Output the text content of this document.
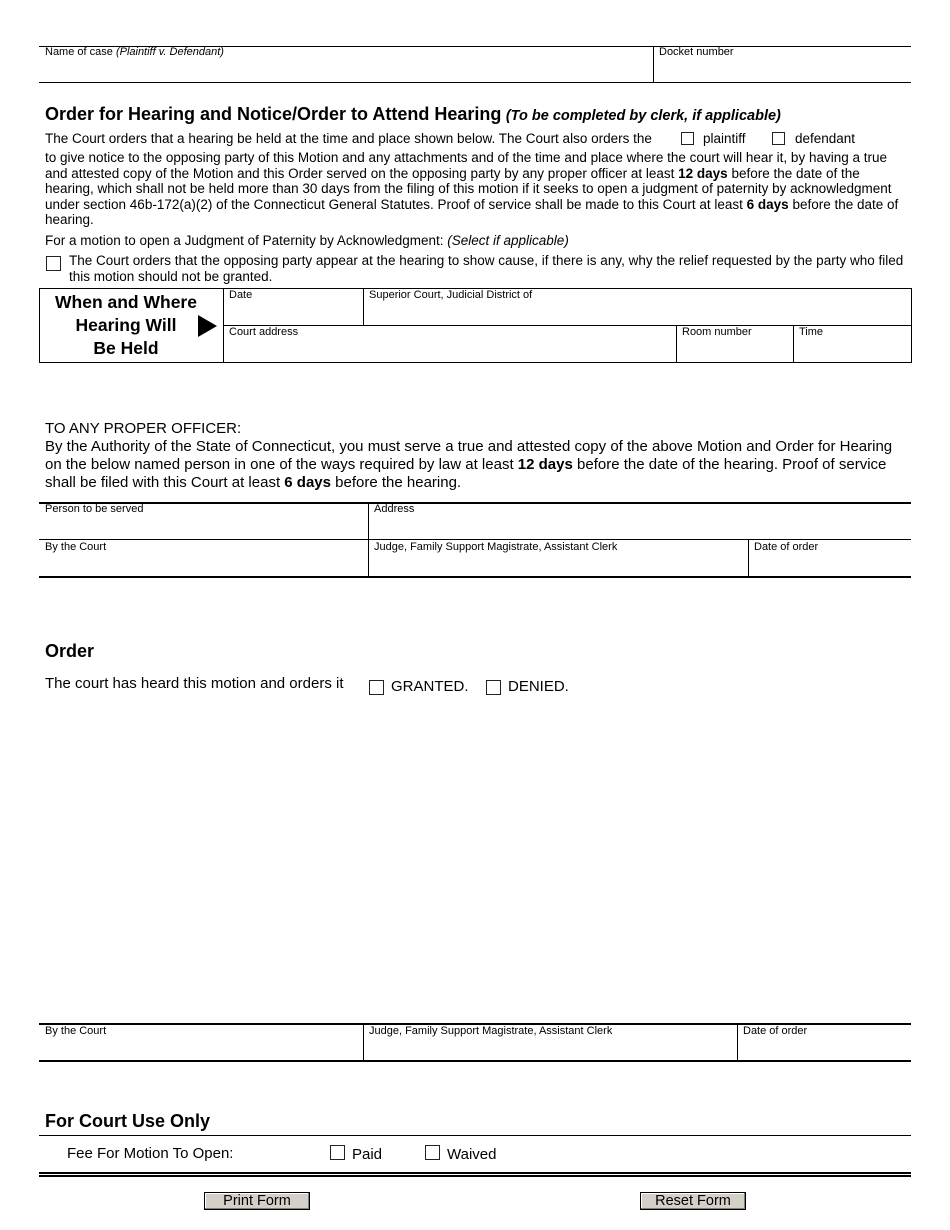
Name of case (Plaintiff v. Defendant)	Docket number
Order for Hearing and Notice/Order to Attend Hearing (To be completed by clerk, if applicable)
The Court orders that a hearing be held at the time and place shown below. The Court also orders the	plaintiff	defendant
to give notice to the opposing party of this Motion and any attachments and of the time and place where the court will hear it, by having a true and attested copy of the Motion and this Order served on the opposing party by any proper officer at least 12 days before the date of the hearing, which shall not be held more than 30 days from the filing of this motion if it seeks to open a judgment of paternity by acknowledgment under section 46b-172(a)(2) of the Connecticut General Statutes. Proof of service shall be made to this Court at least 6 days before the date of hearing.
For a motion to open a Judgment of Paternity by Acknowledgment: (Select if applicable)
The Court orders that the opposing party appear at the hearing to show cause, if there is any, why the relief requested by the party who filed this motion should not be granted.
When and Where
Hearing Will
Be Held
Date	Superior Court, Judicial District of
Court address	Room number	Time
TO ANY PROPER OFFICER:
By the Authority of the State of Connecticut, you must serve a true and attested copy of the above Motion and Order for Hearing on the below named person in one of the ways required by law at least 12 days before the date of the hearing. Proof of service shall be filed with this Court at least 6 days before the hearing.
Person to be served	Address
By the Court	Judge, Family Support Magistrate, Assistant Clerk	Date of order
Order
The court has heard this motion and orders it	GRANTED.	DENIED.
By the Court	Judge, Family Support Magistrate, Assistant Clerk	Date of order
For Court Use Only
Fee For Motion To Open:	Paid	Waived
Print Form	Reset Form
